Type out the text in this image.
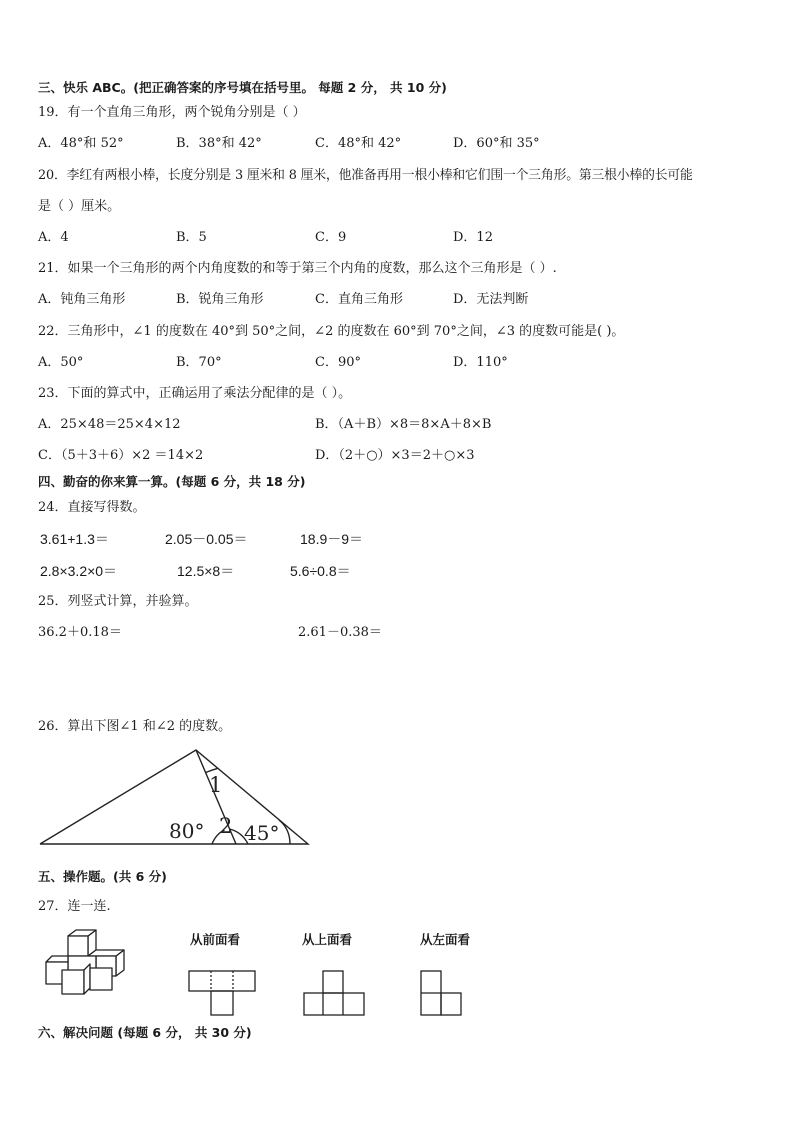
三、快乐 ABC。(把正确答案的序号填在括号里。 每题 2 分， 共 10 分)
19．有一个直角三角形，两个锐角分别是（ ）
A．48°和 52°	B．38°和 42°	C．48°和 42°	D．60°和 35°
20．李红有两根小棒，长度分别是 3 厘米和 8 厘米，他准备再用一根小棒和它们围一个三角形。第三根小棒的长可能
是（ ）厘米。
A．4	B．5	C．9	D．12
21．如果一个三角形的两个内角度数的和等于第三个内角的度数，那么这个三角形是（ ）.
A．钝角三角形	B．锐角三角形	C．直角三角形	D．无法判断
22．三角形中，∠1 的度数在 40°到 50°之间，∠2 的度数在 60°到 70°之间，∠3 的度数可能是( )。
A．50°	B．70°	C．90°	D．110°
23．下面的算式中，正确运用了乘法分配律的是（ ）。
A．25×48＝25×4×12	B．（A＋B）×8＝8×A＋8×B
C．（5＋3＋6）×2 ＝14×2	D．（2＋○）×3＝2＋○×3
四、勤奋的你来算一算。(每题 6 分，共 18 分)
24．直接写得数。
3.61+1.3＝	2.05－0.05＝	18.9－9＝
2.8×3.2×0＝	12.5×8＝	5.6÷0.8＝
25．列竖式计算，并验算。
36.2＋0.18＝	2.61－0.38＝
26．算出下图∠1 和∠2 的度数。
1
2
80° 45°
五、操作题。(共 6 分)
27．连一连.
从前面看	从上面看	从左面看
六、解决问题 (每题 6 分， 共 30 分)
